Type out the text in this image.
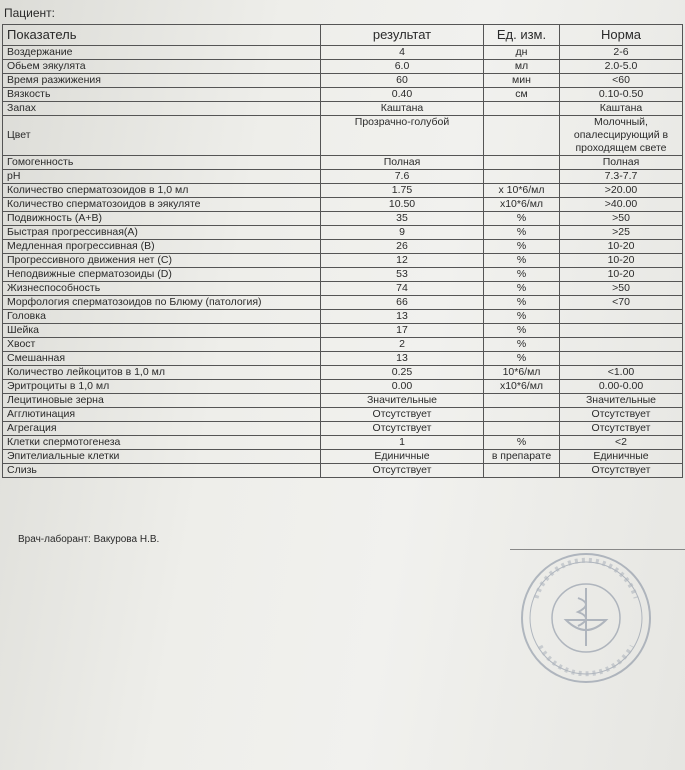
Пациент:
Показатель	результат	Ед. изм.	Норма
Воздержание	4	дн	2-6
Обьем эякулята	6.0	мл	2.0-5.0
Время разжижения	60	мин	<60
Вязкость	0.40	см	0.10-0.50
Запах	Каштана		Каштана
Цвет	Прозрачно-голубой		Молочный, опалесцирующий в проходящем свете
Гомогенность	Полная		Полная
pH	7.6		7.3-7.7
Количество сперматозоидов в 1,0 мл	1.75	x 10*6/мл	>20.00
Количество сперматозоидов в эякуляте	10.50	x10*6/мл	>40.00
Подвижность (A+B)	35	%	>50
Быстрая прогрессивная(А)	9	%	>25
Медленная прогрессивная (В)	26	%	10-20
Прогрессивного движения нет (С)	12	%	10-20
Неподвижные сперматозоиды (D)	53	%	10-20
Жизнеспособность	74	%	>50
Морфология сперматозоидов по Блюму (патология)	66	%	<70
Головка	13	%	
Шейка	17	%	
Хвост	2	%	
Смешанная	13	%	
Количество лейкоцитов в 1,0 мл	0.25	10*6/мл	<1.00
Эритроциты в 1,0 мл	0.00	x10*6/мл	0.00-0.00
Лецитиновые зерна	Значительные		Значительные
Агглютинация	Отсутствует		Отсутствует
Агрегация	Отсутствует		Отсутствует
Клетки спермотогенеза	1	%	<2
Эпителиальные клетки	Единичные	в препарате	Единичные
Слизь	Отсутствует		Отсутствует
Врач-лаборант: Вакурова Н.В.
